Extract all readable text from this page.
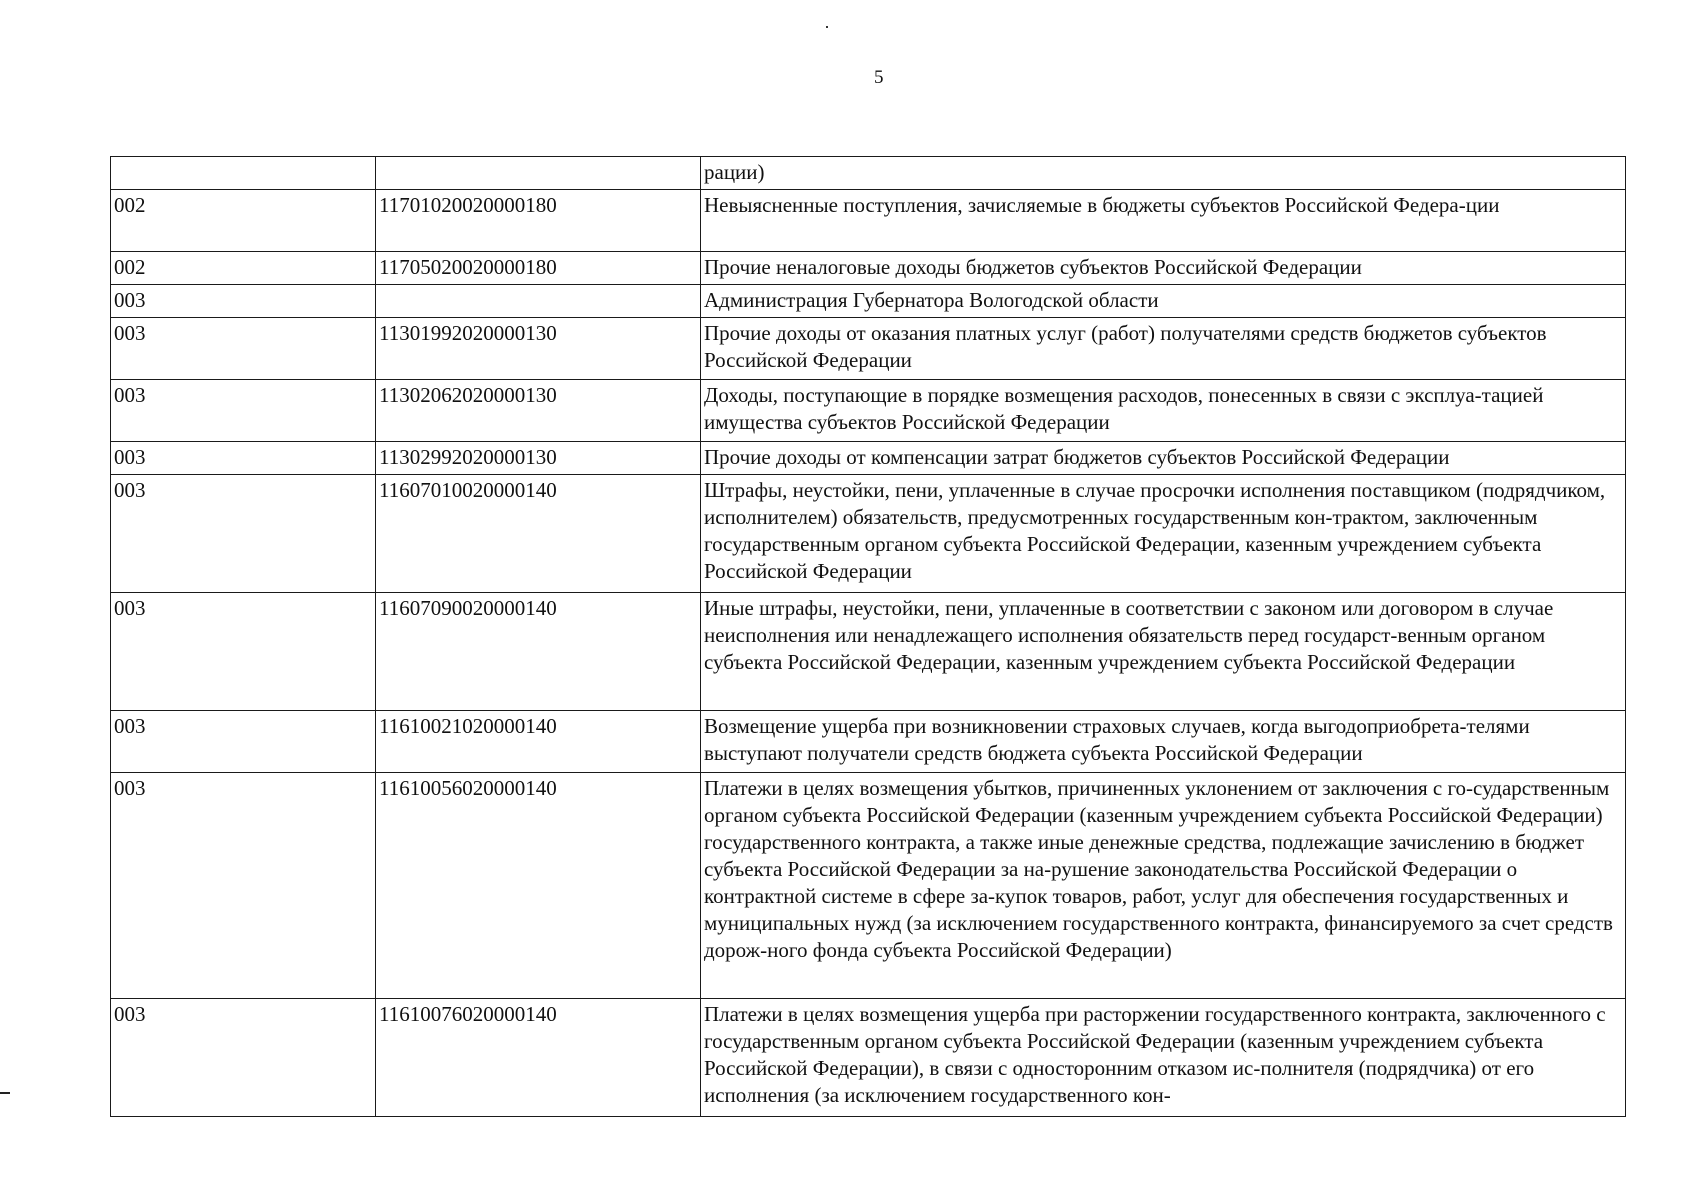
5
		рации)
002	11701020020000180	Невыясненные поступления, зачисляемые в бюджеты субъектов Российской Федера-ции
002	11705020020000180	Прочие неналоговые доходы бюджетов субъектов Российской Федерации
003		Администрация Губернатора Вологодской области
003	11301992020000130	Прочие доходы от оказания платных услуг (работ) получателями средств бюджетов субъектов Российской Федерации
003	11302062020000130	Доходы, поступающие в порядке возмещения расходов, понесенных в связи с эксплуа-тацией имущества субъектов Российской Федерации
003	11302992020000130	Прочие доходы от компенсации затрат бюджетов субъектов Российской Федерации
003	11607010020000140	Штрафы, неустойки, пени, уплаченные в случае просрочки исполнения поставщиком (подрядчиком, исполнителем) обязательств, предусмотренных государственным кон-трактом, заключенным государственным органом субъекта Российской Федерации, казенным учреждением субъекта Российской Федерации
003	11607090020000140	Иные штрафы, неустойки, пени, уплаченные в соответствии с законом или договором в случае неисполнения или ненадлежащего исполнения обязательств перед государст-венным органом субъекта Российской Федерации, казенным учреждением субъекта Российской Федерации
003	11610021020000140	Возмещение ущерба при возникновении страховых случаев, когда выгодоприобрета-телями выступают получатели средств бюджета субъекта Российской Федерации
003	11610056020000140	Платежи в целях возмещения убытков, причиненных уклонением от заключения с го-сударственным органом субъекта Российской Федерации (казенным учреждением субъекта Российской Федерации) государственного контракта, а также иные денежные средства, подлежащие зачислению в бюджет субъекта Российской Федерации за на-рушение законодательства Российской Федерации о контрактной системе в сфере за-купок товаров, работ, услуг для обеспечения государственных и муниципальных нужд (за исключением государственного контракта, финансируемого за счет средств дорож-ного фонда субъекта Российской Федерации)
003	11610076020000140	Платежи в целях возмещения ущерба при расторжении государственного контракта, заключенного с государственным органом субъекта Российской Федерации (казенным учреждением субъекта Российской Федерации), в связи с односторонним отказом ис-полнителя (подрядчика) от его исполнения (за исключением государственного кон-
